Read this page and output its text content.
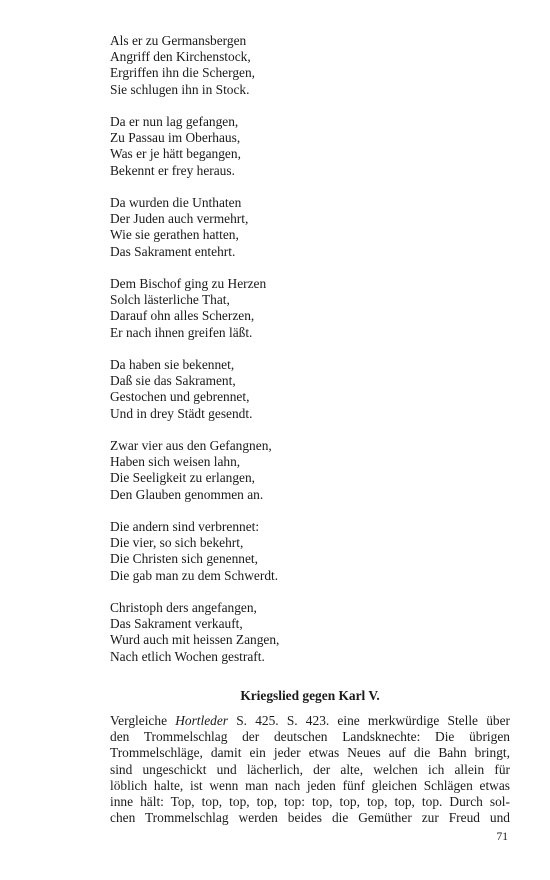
Als er zu Germansbergen
Angriff den Kirchenstock,
Ergriffen ihn die Schergen,
Sie schlugen ihn in Stock.
Da er nun lag gefangen,
Zu Passau im Oberhaus,
Was er je hätt begangen,
Bekennt er frey heraus.
Da wurden die Unthaten
Der Juden auch vermehrt,
Wie sie gerathen hatten,
Das Sakrament entehrt.
Dem Bischof ging zu Herzen
Solch lästerliche That,
Darauf ohn alles Scherzen,
Er nach ihnen greifen läßt.
Da haben sie bekennet,
Daß sie das Sakrament,
Gestochen und gebrennet,
Und in drey Städt gesendt.
Zwar vier aus den Gefangnen,
Haben sich weisen lahn,
Die Seeligkeit zu erlangen,
Den Glauben genommen an.
Die andern sind verbrennet:
Die vier, so sich bekehrt,
Die Christen sich genennet,
Die gab man zu dem Schwerdt.
Christoph ders angefangen,
Das Sakrament verkauft,
Wurd auch mit heissen Zangen,
Nach etlich Wochen gestraft.
Kriegslied gegen Karl V.
Vergleiche Hortleder S. 425. S. 423. eine merkwürdige Stelle über
den Trommelschlag der deutschen Landsknechte: Die übrigen
Trommelschläge, damit ein jeder etwas Neues auf die Bahn bringt,
sind ungeschickt und lächerlich, der alte, welchen ich allein für
löblich halte, ist wenn man nach jeden fünf gleichen Schlägen etwas
inne hält: Top, top, top, top, top: top, top, top, top, top. Durch sol-
chen Trommelschlag werden beides die Gemüther zur Freud und
71
